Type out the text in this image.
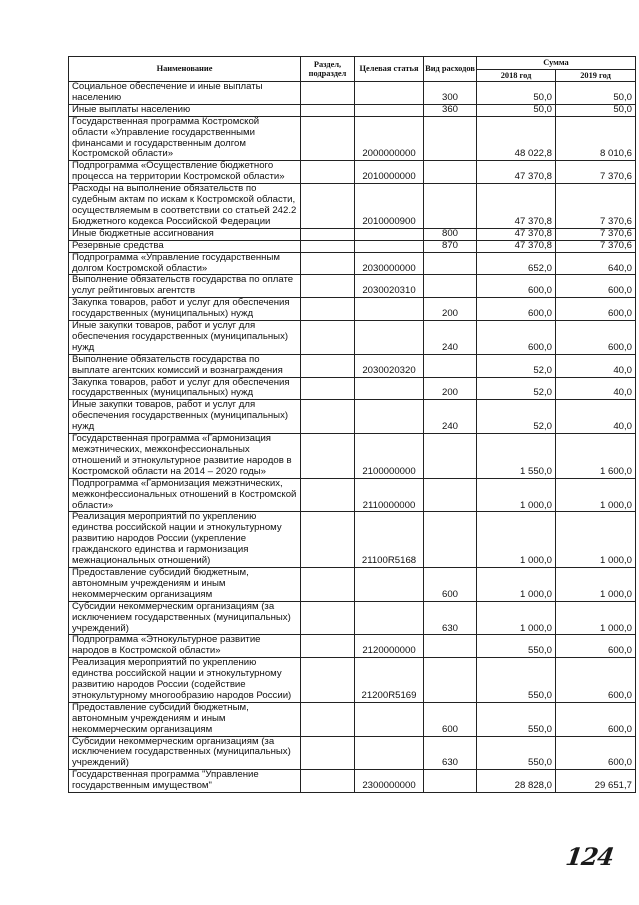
Наименование	Раздел, подраздел	Целевая статья	Вид расходов	Сумма	
				2018 год	2019 год
Социальное обеспечение и иные выплаты населению			300	50,0	50,0
Иные выплаты населению			360	50,0	50,0
Государственная программа Костромской области «Управление государственными финансами и государственным долгом Костромской области»		2000000000		48 022,8	8 010,6
Подпрограмма «Осуществление бюджетного процесса на территории Костромской области»		2010000000		47 370,8	7 370,6
Расходы на выполнение обязательств по судебным актам по искам к Костромской области, осуществляемым в соответствии со статьей 242.2 Бюджетного кодекса Российской Федерации		2010000900		47 370,8	7 370,6
Иные бюджетные ассигнования			800	47 370,8	7 370,6
Резервные средства			870	47 370,8	7 370,6
Подпрограмма «Управление государственным долгом Костромской области»		2030000000		652,0	640,0
Выполнение обязательств государства по оплате услуг рейтинговых агентств		2030020310		600,0	600,0
Закупка товаров, работ и услуг для обеспечения государственных (муниципальных) нужд			200	600,0	600,0
Иные закупки товаров, работ и услуг для обеспечения государственных (муниципальных) нужд			240	600,0	600,0
Выполнение обязательств государства по выплате агентских комиссий и вознаграждения		2030020320		52,0	40,0
Закупка товаров, работ и услуг для обеспечения государственных (муниципальных) нужд			200	52,0	40,0
Иные закупки товаров, работ и услуг для обеспечения государственных (муниципальных) нужд			240	52,0	40,0
Государственная программа «Гармонизация межэтнических, межконфессиональных отношений и этнокультурное развитие народов в Костромской области на 2014 – 2020 годы»		2100000000		1 550,0	1 600,0
Подпрограмма «Гармонизация межэтнических, межконфессиональных отношений в Костромской области»		2110000000		1 000,0	1 000,0
Реализация мероприятий по укреплению единства российской нации и этнокультурному развитию народов России (укрепление гражданского единства и гармонизация межнациональных отношений)		21100R5168		1 000,0	1 000,0
Предоставление субсидий бюджетным, автономным учреждениям и иным некоммерческим организациям			600	1 000,0	1 000,0
Субсидии некоммерческим организациям (за исключением государственных (муниципальных) учреждений)			630	1 000,0	1 000,0
Подпрограмма «Этнокультурное развитие народов в Костромской области»		2120000000		550,0	600,0
Реализация мероприятий по укреплению единства российской нации и этнокультурному развитию народов России (содействие этнокультурному многообразию народов России)		21200R5169		550,0	600,0
Предоставление субсидий бюджетным, автономным учреждениям и иным некоммерческим организациям			600	550,0	600,0
Субсидии некоммерческим организациям (за исключением государственных (муниципальных) учреждений)			630	550,0	600,0
Государственная программа "Управление государственным имуществом"		2300000000		28 828,0	29 651,7
124
